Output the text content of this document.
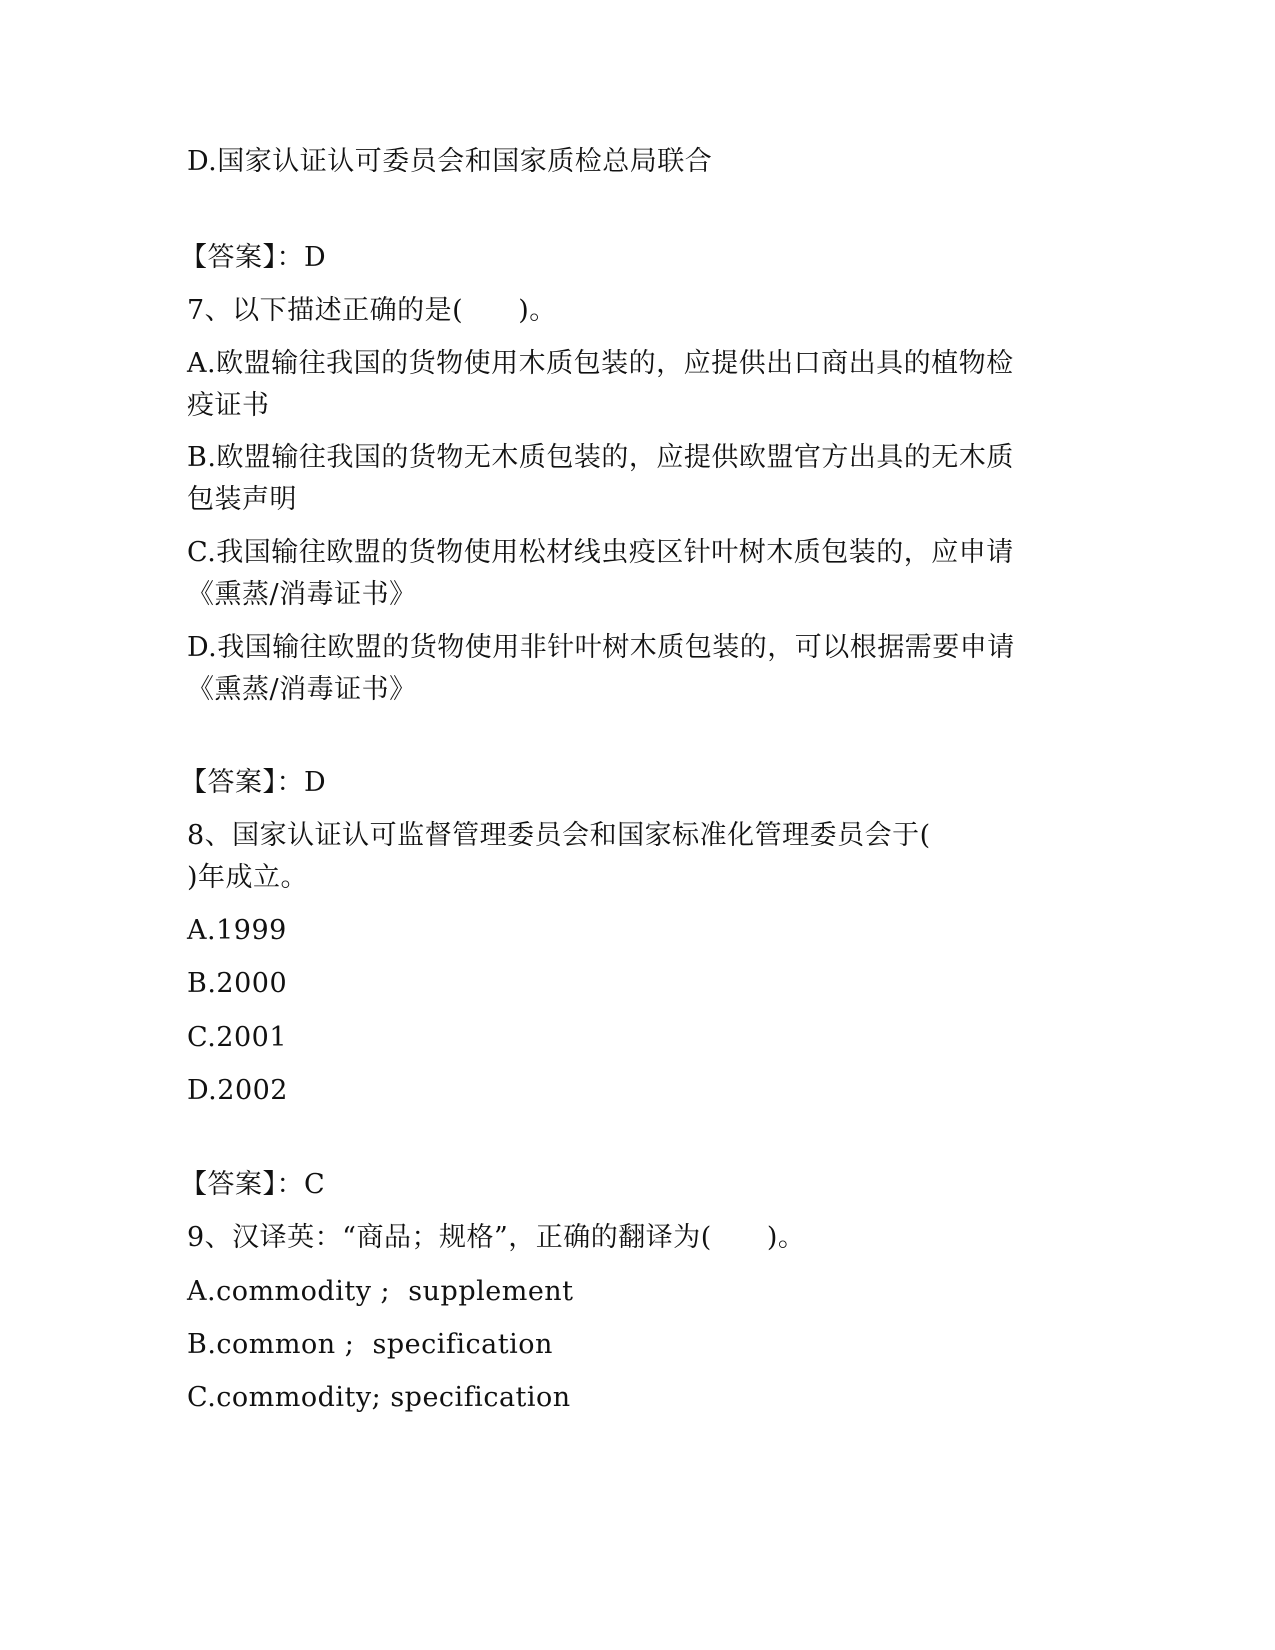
D.国家认证认可委员会和国家质检总局联合
【答案】：D
7、以下描述正确的是(　　)。
A.欧盟输往我国的货物使用木质包装的，应提供出口商出具的植物检
疫证书
B.欧盟输往我国的货物无木质包装的，应提供欧盟官方出具的无木质
包装声明
C.我国输往欧盟的货物使用松材线虫疫区针叶树木质包装的，应申请
《熏蒸/消毒证书》
D.我国输往欧盟的货物使用非针叶树木质包装的，可以根据需要申请
《熏蒸/消毒证书》
【答案】：D
8、国家认证认可监督管理委员会和国家标准化管理委员会于(
)年成立。
A.1999
B.2000
C.2001
D.2002
【答案】：C
9、汉译英：“商品；规格”，正确的翻译为(　　)。
A.commodity ;  supplement
B.common ;  specification
C.commodity; specification
